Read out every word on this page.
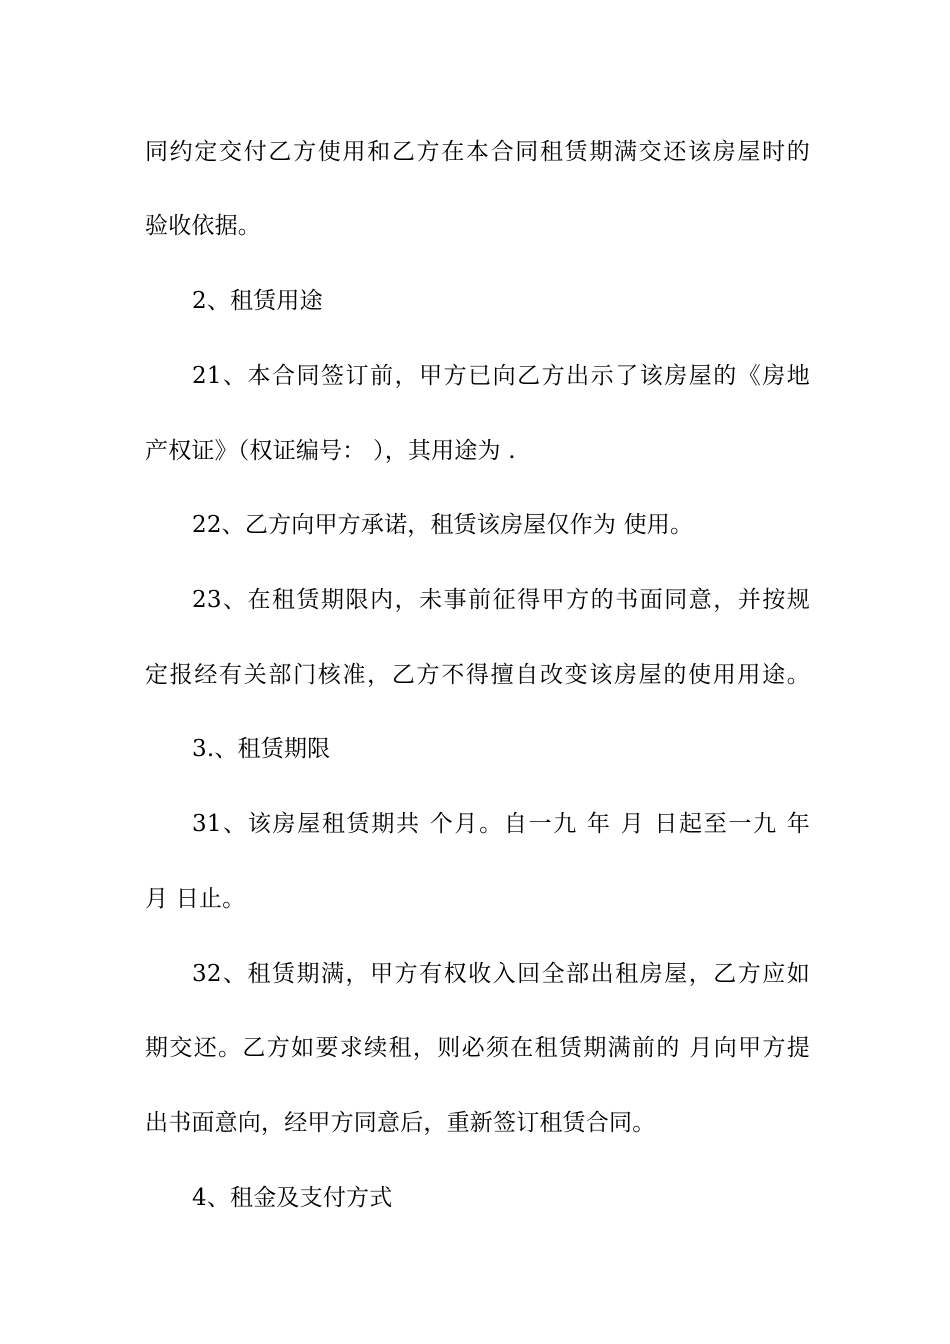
同约定交付乙方使用和乙方在本合同租赁期满交还该房屋时的
验收依据。
2、租赁用途
21、本合同签订前，甲方已向乙方出示了该房屋的《房地
产权证》（权证编号： ），其用途为 .
22、乙方向甲方承诺，租赁该房屋仅作为 使用。
23、在租赁期限内，未事前征得甲方的书面同意，并按规
定报经有关部门核准，乙方不得擅自改变该房屋的使用用途。
3.、租赁期限
31、该房屋租赁期共 个月。自一九 年 月 日起至一九 年
月 日止。
32、租赁期满，甲方有权收入回全部出租房屋，乙方应如
期交还。乙方如要求续租，则必须在租赁期满前的 月向甲方提
出书面意向，经甲方同意后，重新签订租赁合同。
4、租金及支付方式
